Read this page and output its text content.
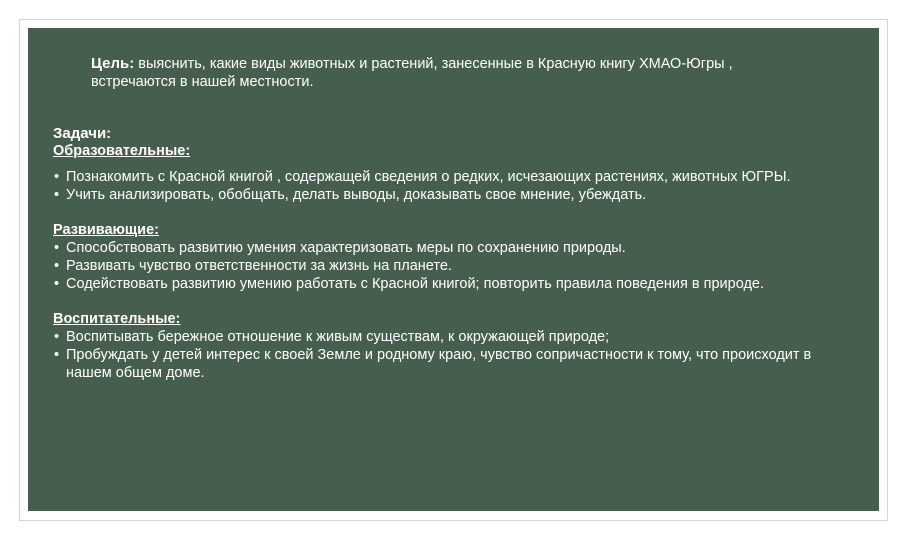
Цель: выяснить, какие виды животных и растений, занесенные в Красную книгу ХМАО-Югры , встречаются в нашей местности.
Задачи:
Образовательные:
• Познакомить с Красной книгой , содержащей сведения о редких, исчезающих растениях, животных ЮГРЫ.
• Учить анализировать, обобщать, делать выводы, доказывать свое мнение, убеждать.
Развивающие:
• Способствовать развитию умения характеризовать меры по сохранению природы.
• Развивать чувство ответственности за жизнь на планете.
• Содействовать развитию умению работать с Красной книгой; повторить правила поведения в природе.
Воспитательные:
• Воспитывать бережное отношение к живым существам, к окружающей природе;
• Пробуждать у детей интерес к своей Земле и родному краю, чувство сопричастности к тому, что происходит в нашем общем доме.
